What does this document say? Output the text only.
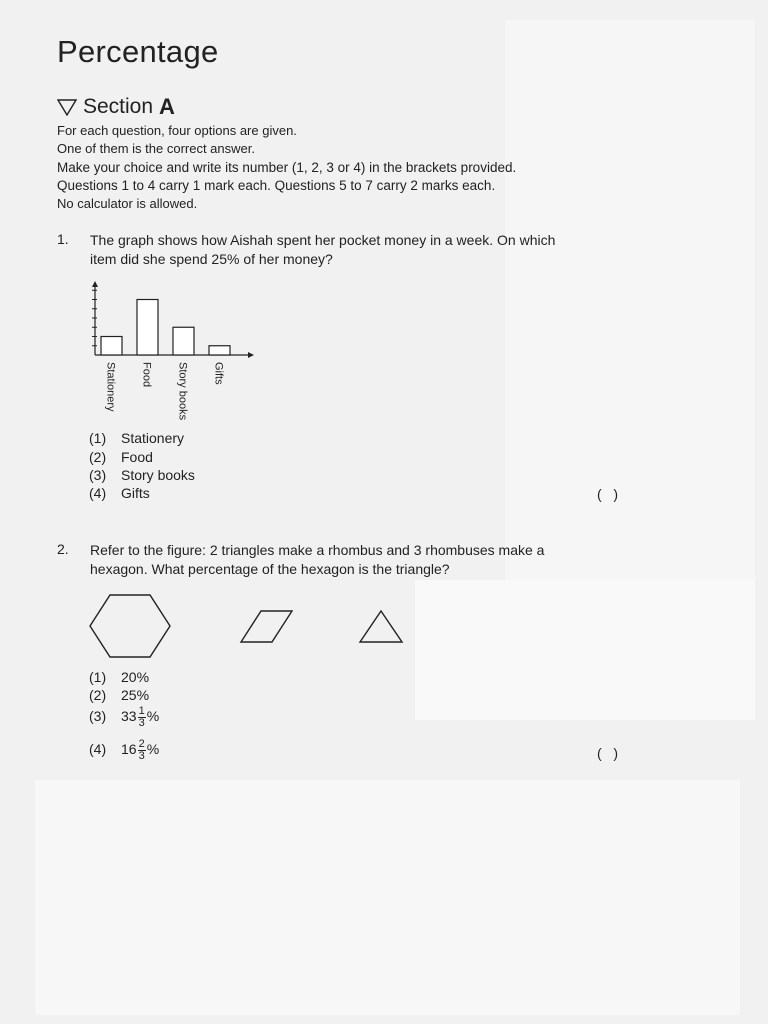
Percentage
Section A
For each question, four options are given.
One of them is the correct answer.
Make your choice and write its number (1, 2, 3 or 4) in the brackets provided.
Questions 1 to 4 carry 1 mark each. Questions 5 to 7 carry 2 marks each.
No calculator is allowed.
1. The graph shows how Aishah spent her pocket money in a week. On which
item did she spend 25% of her money?
Stationery Food Story books Gifts
(1) Stationery
(2) Food
(3) Story books
(4) Gifts	(   )
2. Refer to the figure: 2 triangles make a rhombus and 3 rhombuses make a
hexagon. What percentage of the hexagon is the triangle?
(1) 20%
(2) 25%
(3) $33 \frac{1}{3}$ %
(4) $16 \frac{2}{3}$ %	(   )
